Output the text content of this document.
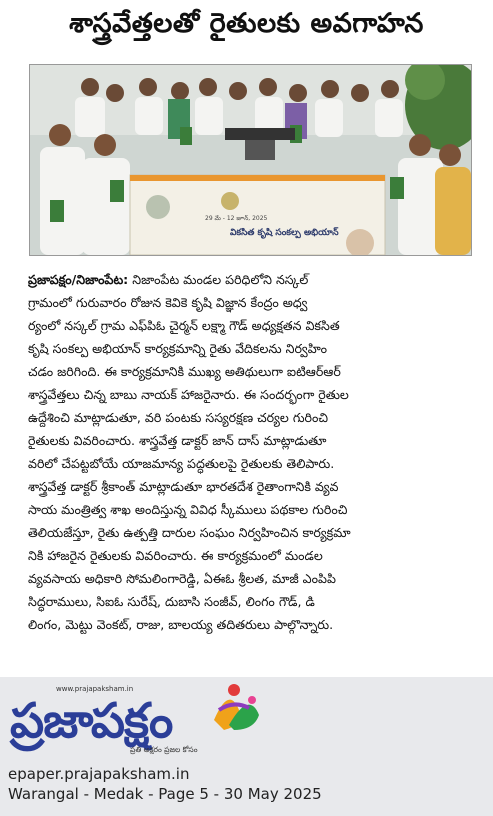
శాస్త్రవేత్తలతో రైతులకు అవగాహన
వికసిత కృషి సంకల్ప అభియాన్
29 మే - 12 జూన్, 2025
ప్రజాపక్షం/నిజాంపేట: నిజాంపేట మండల పరిధిలోని నస్కల్
గ్రామంలో గురువారం రోజున కెవికె కృషి విజ్ఞాన కేంద్రం అధ్వ
ర్యంలో నస్కల్ గ్రామ ఎఫ్‌పిఓ చైర్మన్ లక్ష్మా గౌడ్ అధ్యక్షతన వికసిత
కృషి సంకల్ప అభియాన్ కార్యక్రమాన్ని రైతు వేదికలను నిర్వహిం
చడం జరిగింది. ఈ కార్యక్రమానికి ముఖ్య అతిథులుగా ఐటిఆర్ఆర్
శాస్త్రవేత్తలు చిన్న బాబు నాయక్ హాజరైనారు. ఈ సందర్భంగా రైతుల
ఉద్దేశించి మాట్లాడుతూ, వరి పంటకు సస్యరక్షణ చర్యల గురించి
రైతులకు వివరించారు. శాస్త్రవేత్త డాక్టర్ జాన్ దాస్ మాట్లాడుతూ
వరిలో చేపట్టబోయే యాజమాన్య పద్ధతులపై రైతులకు తెలిపారు.
శాస్త్రవేత్త డాక్టర్ శ్రీకాంత్ మాట్లాడుతూ భారతదేశ రైతాంగానికి వ్యవ
సాయ మంత్రిత్వ శాఖ అందిస్తున్న వివిధ స్కీములు పథకాల గురించి
తెలియజేస్తూ, రైతు ఉత్పత్తి దారుల సంఘం నిర్వహించిన కార్యక్రమా
నికి హాజరైన రైతులకు వివరించారు. ఈ కార్యక్రమంలో మండల
వ్యవసాయ అధికారి సోమలింగారెడ్డి, ఏఈఓ శ్రీలత, మాజీ ఎంపిపి
సిద్ధరాములు, సిఐఓ సురేష్, దుబాసి సంజీవ్, లింగం గౌడ్, డి
లింగం, మెట్టు వెంకట్, రాజు, బాలయ్య తదితరులు పాల్గొన్నారు.
www.prajapaksham.in
ప్రజాపక్షం
ప్రతి అక్షరం ప్రజల కోసం
epaper.prajapaksham.in
Warangal - Medak - Page 5 - 30 May 2025
